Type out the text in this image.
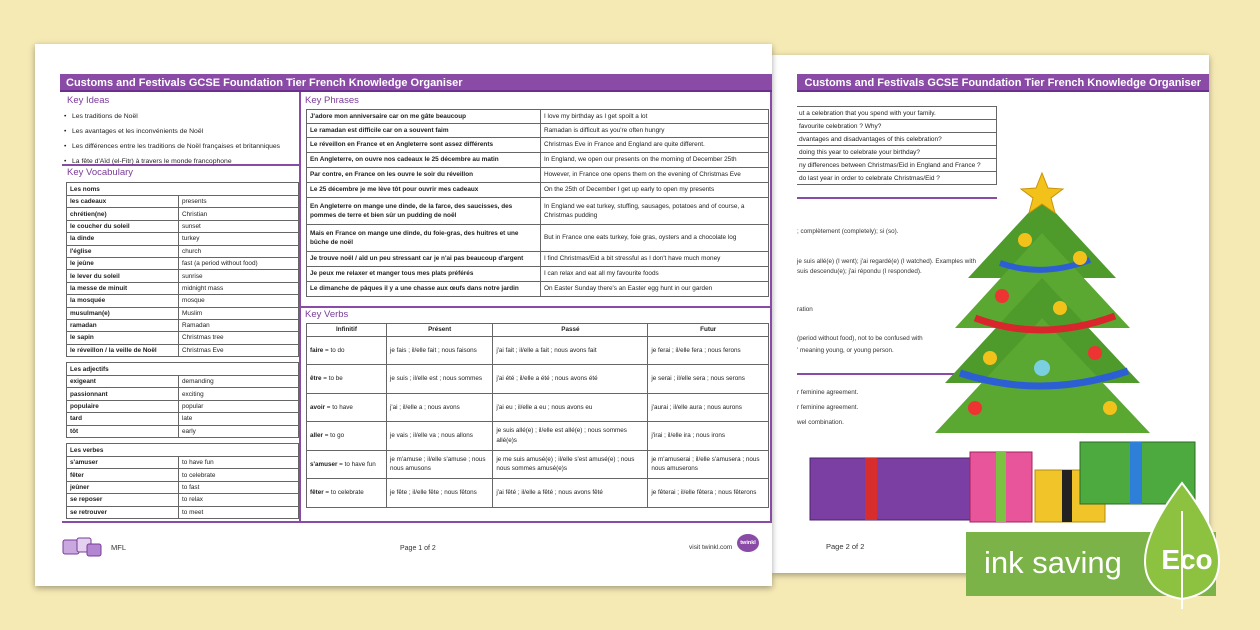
Customs and Festivals GCSE Foundation Tier French Knowledge Organiser
ut a celebration that you spend with your family.
favourite celebration ? Why?
dvantages and disadvantages of this celebration?
doing this year to celebrate your birthday?
ny differences between Christmas/Eid in England and France ?
do last year in order to celebrate Christmas/Eid ?
; complètement (completely); si (so).
je suis allé(e) (I went); j'ai regardé(e) (I watched). Examples with
suis descendu(e); j'ai répondu (I responded).
ration
(period without food), not to be confused with
' meaning young, or young person.
r feminine agreement.
r feminine agreement.
wel combination.
Page 2 of 2
Customs and Festivals GCSE Foundation Tier French Knowledge Organiser
Key Ideas
• Les traditions de Noël
• Les avantages et les inconvénients de Noël
• Les différences entre les traditions de Noël françaises et britanniques
• La fête d'Aïd (el-Fitr) à travers le monde francophone
Key Vocabulary
Les noms	
les cadeaux	presents
chrétien(ne)	Christian
le coucher du soleil	sunset
la dinde	turkey
l'église	church
le jeûne	fast (a period without food)
le lever du soleil	sunrise
la messe de minuit	midnight mass
la mosquée	mosque
musulman(e)	Muslim
ramadan	Ramadan
le sapin	Christmas tree
le réveillon / la veille de Noël	Christmas Eve
Les adjectifs	
exigeant	demanding
passionnant	exciting
populaire	popular
tard	late
tôt	early
Les verbes	
s'amuser	to have fun
fêter	to celebrate
jeûner	to fast
se reposer	to relax
se retrouver	to meet
Key Phrases
J'adore mon anniversaire car on me gâte beaucoup	I love my birthday as I get spoilt a lot
Le ramadan est difficile car on a souvent faim	Ramadan is difficult as you're often hungry
Le réveillon en France et en Angleterre sont assez différents	Christmas Eve in France and England are quite different.
En Angleterre, on ouvre nos cadeaux le 25 décembre au matin	In England, we open our presents on the morning of December 25th
Par contre, en France on les ouvre le soir du réveillon	However, in France one opens them on the evening of Christmas Eve
Le 25 décembre je me lève tôt pour ouvrir mes cadeaux	On the 25th of December I get up early to open my presents
En Angleterre on mange une dinde, de la farce, des saucisses, des pommes de terre et bien sûr un pudding de noël	In England we eat turkey, stuffing, sausages, potatoes and of course, a Christmas pudding
Mais en France on mange une dinde, du foie-gras, des huitres et une bûche de noël	But in France one eats turkey, foie gras, oysters and a chocolate log
Je trouve noël / aïd un peu stressant car je n'ai pas beaucoup d'argent	I find Christmas/Eid a bit stressful as I don't have much money
Je peux me relaxer et manger tous mes plats préférés	I can relax and eat all my favourite foods
Le dimanche de pâques il y a une chasse aux œufs dans notre jardin	On Easter Sunday there's an Easter egg hunt in our garden
Key Verbs
Infinitif	Présent	Passé	Futur
faire = to do	je fais ; il/elle fait ; nous faisons	j'ai fait ; il/elle a fait ; nous avons fait	je ferai ; il/elle fera ; nous ferons
être = to be	je suis ; il/elle est ; nous sommes	j'ai été ; il/elle a été ; nous avons été	je serai ; il/elle sera ; nous serons
avoir = to have	j'ai ; il/elle a ; nous avons	j'ai eu ; il/elle a eu ; nous avons eu	j'aurai ; il/elle aura ; nous aurons
aller = to go	je vais ; il/elle va ; nous allons	je suis allé(e) ; il/elle est allé(e) ; nous sommes allé(e)s	j'irai ; il/elle ira ; nous irons
s'amuser = to have fun	je m'amuse ; il/elle s'amuse ; nous nous amusons	je me suis amusé(e) ; il/elle s'est amusé(e) ; nous nous sommes amusé(e)s	je m'amuserai ; il/elle s'amusera ; nous nous amuserons
fêter = to celebrate	je fête ; il/elle fête ; nous fêtons	j'ai fêté ; il/elle a fêté ; nous avons fêté	je fêterai ; il/elle fêtera ; nous fêterons
MFL	Page 1 of 2	visit twinkl.com
twinkl
ink saving	Eco
